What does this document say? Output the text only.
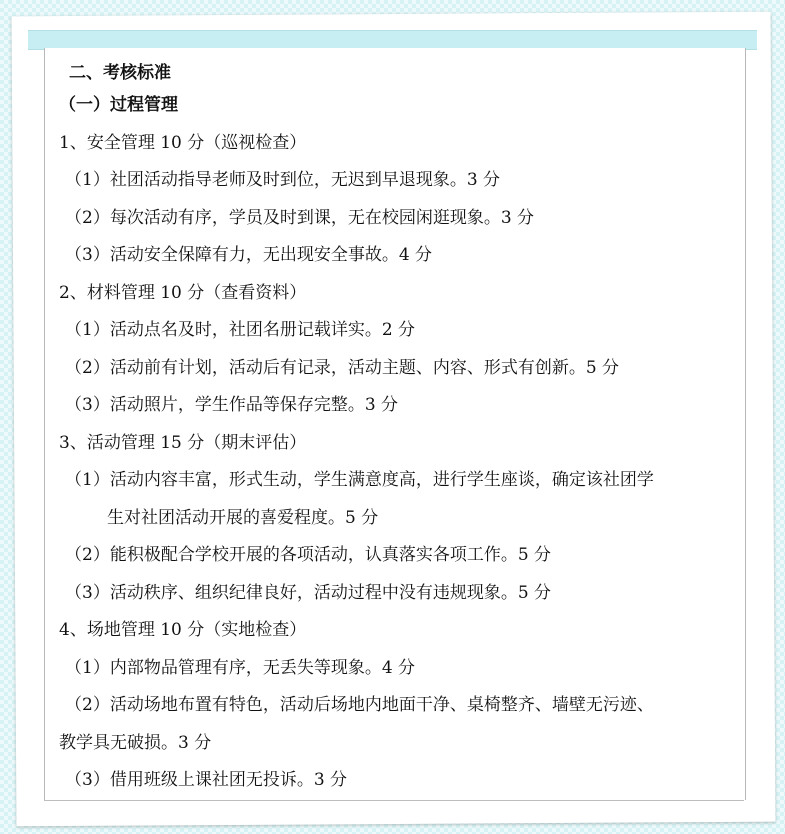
二、考核标准
（一）过程管理
1、安全管理 10 分（巡视检查）
（1）社团活动指导老师及时到位，无迟到早退现象。3 分
（2）每次活动有序，学员及时到课，无在校园闲逛现象。3 分
（3）活动安全保障有力，无出现安全事故。4 分
2、材料管理 10 分（查看资料）
（1）活动点名及时，社团名册记载详实。2 分
（2）活动前有计划，活动后有记录，活动主题、内容、形式有创新。5 分
（3）活动照片，学生作品等保存完整。3 分
3、活动管理 15 分（期末评估）
（1）活动内容丰富，形式生动，学生满意度高，进行学生座谈，确定该社团学
生对社团活动开展的喜爱程度。5 分
（2）能积极配合学校开展的各项活动，认真落实各项工作。5 分
（3）活动秩序、组织纪律良好，活动过程中没有违规现象。5 分
4、场地管理 10 分（实地检查）
（1）内部物品管理有序，无丢失等现象。4 分
（2）活动场地布置有特色，活动后场地内地面干净、桌椅整齐、墙壁无污迹、
教学具无破损。3 分
（3）借用班级上课社团无投诉。3 分
